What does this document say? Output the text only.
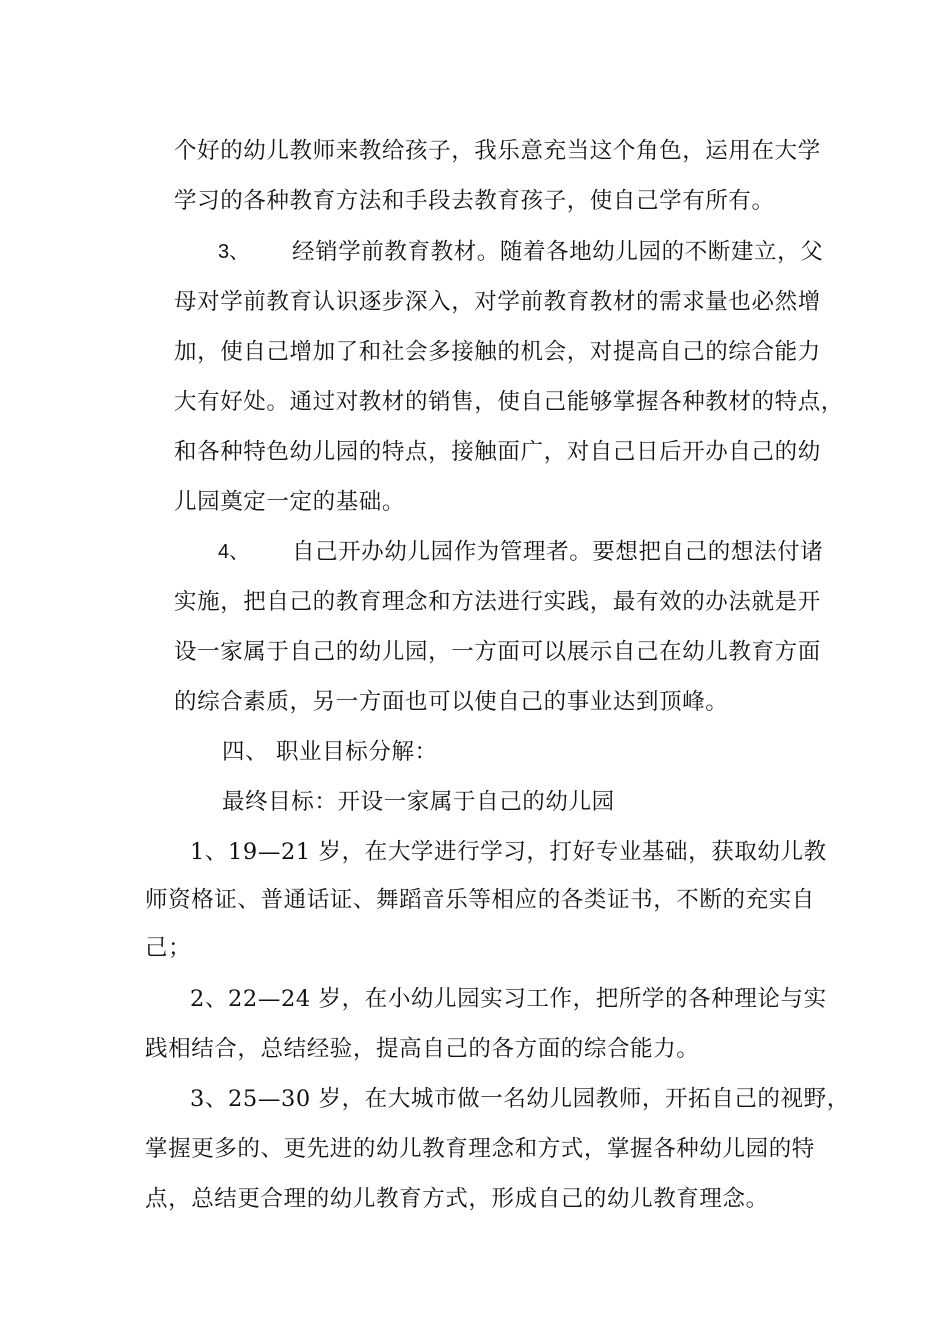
个好的幼儿教师来教给孩子，我乐意充当这个角色，运用在大学
学习的各种教育方法和手段去教育孩子，使自己学有所有。
3、 经销学前教育教材。随着各地幼儿园的不断建立，父
母对学前教育认识逐步深入，对学前教育教材的需求量也必然增
加，使自己增加了和社会多接触的机会，对提高自己的综合能力
大有好处。通过对教材的销售，使自己能够掌握各种教材的特点，
和各种特色幼儿园的特点，接触面广，对自己日后开办自己的幼
儿园奠定一定的基础。
4、 自己开办幼儿园作为管理者。要想把自己的想法付诸
实施，把自己的教育理念和方法进行实践，最有效的办法就是开
设一家属于自己的幼儿园，一方面可以展示自己在幼儿教育方面
的综合素质，另一方面也可以使自己的事业达到顶峰。
四、 职业目标分解：
最终目标：开设一家属于自己的幼儿园
1、19—21 岁，在大学进行学习，打好专业基础，获取幼儿教
师资格证、普通话证、舞蹈音乐等相应的各类证书，不断的充实自
己；
2、22—24 岁，在小幼儿园实习工作，把所学的各种理论与实
践相结合，总结经验，提高自己的各方面的综合能力。
3、25—30 岁，在大城市做一名幼儿园教师，开拓自己的视野，
掌握更多的、更先进的幼儿教育理念和方式，掌握各种幼儿园的特
点，总结更合理的幼儿教育方式，形成自己的幼儿教育理念。
